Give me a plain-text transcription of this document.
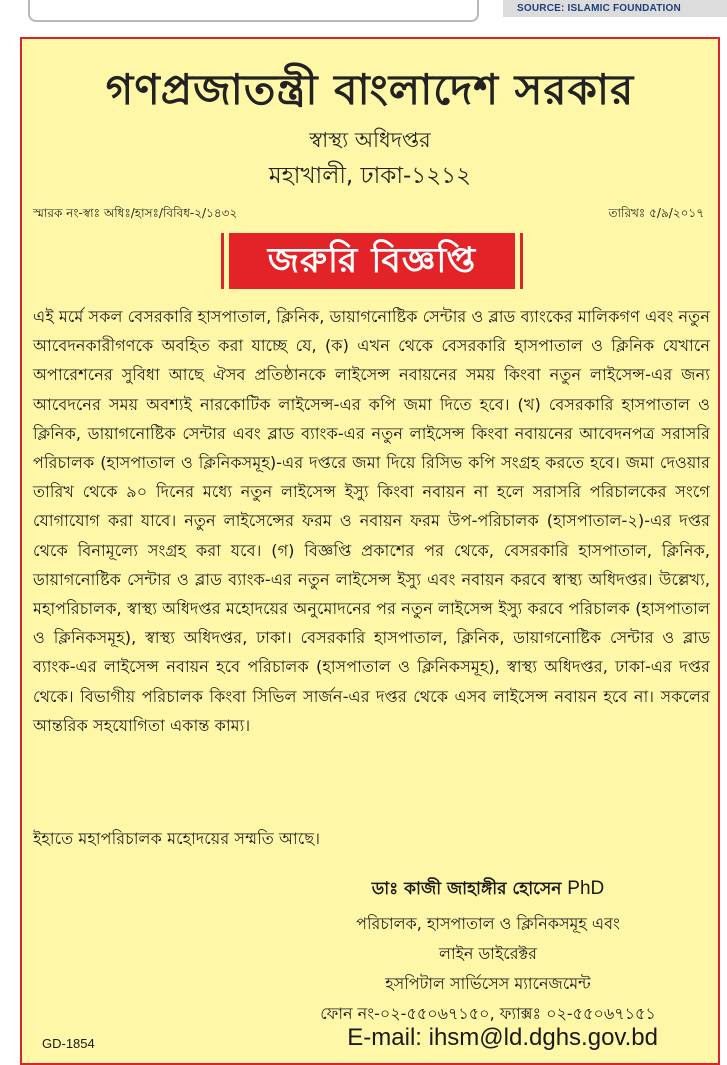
SOURCE: ISLAMIC FOUNDATION
গণপ্রজাতন্ত্রী বাংলাদেশ সরকার
স্বাস্থ্য অধিদপ্তর
মহাখালী, ঢাকা-১২১২
স্মারক নং-স্বাঃ অধিঃ/হাসঃ/বিবিধ-২/১৪৩২	তারিখঃ ৫/৯/২০১৭
জরুরি বিজ্ঞপ্তি

এই মর্মে সকল বেসরকারি হাসপাতাল, ক্লিনিক, ডায়াগনোষ্টিক সেন্টার ও ব্লাড ব্যাংকের মালিকগণ এবং নতুন আবেদনকারীগণকে অবহিত করা যাচ্ছে যে, (ক) এখন থেকে বেসরকারি হাসপাতাল ও ক্লিনিক যেখানে অপারেশনের সুবিধা আছে ঐসব প্রতিষ্ঠানকে লাইসেন্স নবায়নের সময় কিংবা নতুন লাইসেন্স-এর জন্য আবেদনের সময় অবশ্যই নারকোটিক লাইসেন্স-এর কপি জমা দিতে হবে। (খ) বেসরকারি হাসপাতাল ও ক্লিনিক, ডায়াগনোষ্টিক সেন্টার এবং ব্লাড ব্যাংক-এর নতুন লাইসেন্স কিংবা নবায়নের আবেদনপত্র সরাসরি পরিচালক (হাসপাতাল ও ক্লিনিকসমূহ)-এর দপ্তরে জমা দিয়ে রিসিভ কপি সংগ্রহ করতে হবে। জমা দেওয়ার তারিখ থেকে ৯০ দিনের মধ্যে নতুন লাইসেন্স ইস্যু কিংবা নবায়ন না হলে সরাসরি পরিচালকের সংগে যোগাযোগ করা যাবে। নতুন লাইসেন্সের ফরম ও নবায়ন ফরম উপ-পরিচালক (হাসপাতাল-২)-এর দপ্তর থেকে বিনামূল্যে সংগ্রহ করা যবে। (গ) বিজ্ঞপ্তি প্রকাশের পর থেকে, বেসরকারি হাসপাতাল, ক্লিনিক, ডায়াগনোষ্টিক সেন্টার ও ব্লাড ব্যাংক-এর নতুন লাইসেন্স ইস্যু এবং নবায়ন করবে স্বাস্থ্য অধিদপ্তর। উল্লেখ্য, মহাপরিচালক, স্বাস্থ্য অধিদপ্তর মহোদয়ের অনুমোদনের পর নতুন লাইসেন্স ইস্যু করবে পরিচালক (হাসপাতাল ও ক্লিনিকসমূহ), স্বাস্থ্য অধিদপ্তর, ঢাকা। বেসরকারি হাসপাতাল, ক্লিনিক, ডায়াগনোষ্টিক সেন্টার ও ব্লাড ব্যাংক-এর লাইসেন্স নবায়ন হবে পরিচালক (হাসপাতাল ও ক্লিনিকসমূহ), স্বাস্থ্য অধিদপ্তর, ঢাকা-এর দপ্তর থেকে। বিভাগীয় পরিচালক কিংবা সিভিল সার্জন-এর দপ্তর থেকে এসব লাইসেন্স নবায়ন হবে না। সকলের আন্তরিক সহযোগিতা একান্ত কাম্য।

ইহাতে মহাপরিচালক মহোদয়ের সম্মতি আছে।
ডাঃ কাজী জাহাঙ্গীর হোসেন PhD
পরিচালক, হাসপাতাল ও ক্লিনিকসমূহ এবং
লাইন ডাইরেক্টর
হসপিটাল সার্ভিসেস ম্যানেজমেন্ট
ফোন নং-০২-৫৫০৬৭১৫০, ফ্যাক্সঃ ০২-৫৫০৬৭১৫১
E-mail: ihsm@ld.dghs.gov.bd
GD-1854
